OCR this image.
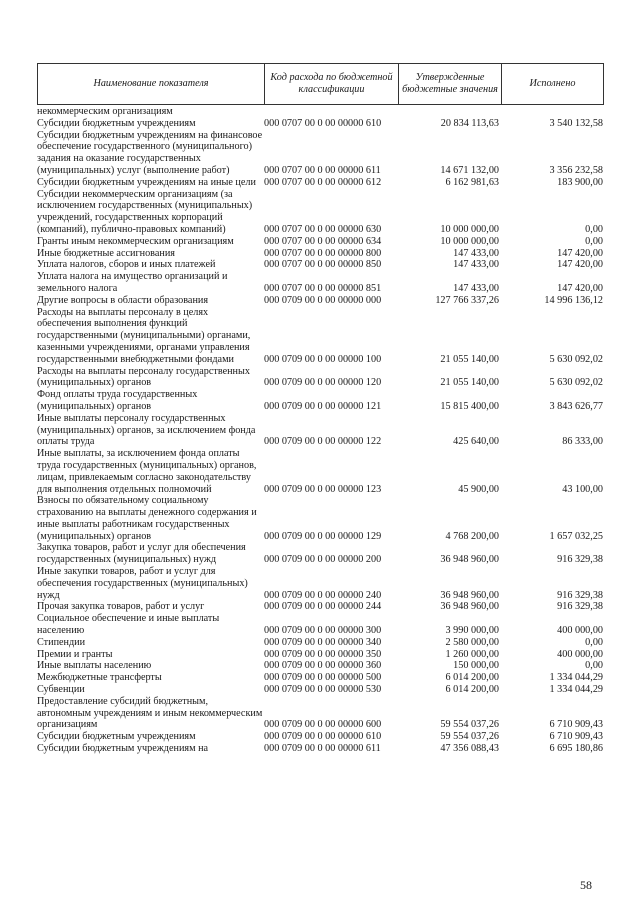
Наименование показателя	Код расхода по бюджетной классификации	Утвержденные бюджетные значения	Исполнено
некоммерческим организациям			
Субсидии бюджетным учреждениям	000 0707 00 0 00 00000 610	20 834 113,63	3 540 132,58
Субсидии бюджетным учреждениям на финансовое обеспечение государственного (муниципального) задания на оказание государственных (муниципальных) услуг (выполнение работ)	000 0707 00 0 00 00000 611	14 671 132,00	3 356 232,58
Субсидии бюджетным учреждениям на иные цели	000 0707 00 0 00 00000 612	6 162 981,63	183 900,00
Субсидии некоммерческим организациям (за исключением государственных (муниципальных) учреждений, государственных корпораций (компаний), публично-правовых компаний)	000 0707 00 0 00 00000 630	10 000 000,00	0,00
Гранты иным некоммерческим организациям	000 0707 00 0 00 00000 634	10 000 000,00	0,00
Иные бюджетные ассигнования	000 0707 00 0 00 00000 800	147 433,00	147 420,00
Уплата налогов, сборов и иных платежей	000 0707 00 0 00 00000 850	147 433,00	147 420,00
Уплата налога на имущество организаций и земельного налога	000 0707 00 0 00 00000 851	147 433,00	147 420,00
Другие вопросы в области образования	000 0709 00 0 00 00000 000	127 766 337,26	14 996 136,12
Расходы на выплаты персоналу в целях обеспечения выполнения функций государственными (муниципальными) органами, казенными учреждениями, органами управления государственными внебюджетными фондами	000 0709 00 0 00 00000 100	21 055 140,00	5 630 092,02
Расходы на выплаты персоналу государственных (муниципальных) органов	000 0709 00 0 00 00000 120	21 055 140,00	5 630 092,02
Фонд оплаты труда государственных (муниципальных) органов	000 0709 00 0 00 00000 121	15 815 400,00	3 843 626,77
Иные выплаты персоналу государственных (муниципальных) органов, за исключением фонда оплаты труда	000 0709 00 0 00 00000 122	425 640,00	86 333,00
Иные выплаты, за исключением фонда оплаты труда государственных (муниципальных) органов, лицам, привлекаемым согласно законодательству для выполнения отдельных полномочий	000 0709 00 0 00 00000 123	45 900,00	43 100,00
Взносы по обязательному социальному страхованию на выплаты денежного содержания и иные выплаты работникам государственных (муниципальных) органов	000 0709 00 0 00 00000 129	4 768 200,00	1 657 032,25
Закупка товаров, работ и услуг для обеспечения государственных (муниципальных) нужд	000 0709 00 0 00 00000 200	36 948 960,00	916 329,38
Иные закупки товаров, работ и услуг для обеспечения государственных (муниципальных) нужд	000 0709 00 0 00 00000 240	36 948 960,00	916 329,38
Прочая закупка товаров, работ и услуг	000 0709 00 0 00 00000 244	36 948 960,00	916 329,38
Социальное обеспечение и иные выплаты населению	000 0709 00 0 00 00000 300	3 990 000,00	400 000,00
Стипендии	000 0709 00 0 00 00000 340	2 580 000,00	0,00
Премии и гранты	000 0709 00 0 00 00000 350	1 260 000,00	400 000,00
Иные выплаты населению	000 0709 00 0 00 00000 360	150 000,00	0,00
Межбюджетные трансферты	000 0709 00 0 00 00000 500	6 014 200,00	1 334 044,29
Субвенции	000 0709 00 0 00 00000 530	6 014 200,00	1 334 044,29
Предоставление субсидий бюджетным, автономным учреждениям и иным некоммерческим организациям	000 0709 00 0 00 00000 600	59 554 037,26	6 710 909,43
Субсидии бюджетным учреждениям	000 0709 00 0 00 00000 610	59 554 037,26	6 710 909,43
Субсидии бюджетным учреждениям на	000 0709 00 0 00 00000 611	47 356 088,43	6 695 180,86
58
